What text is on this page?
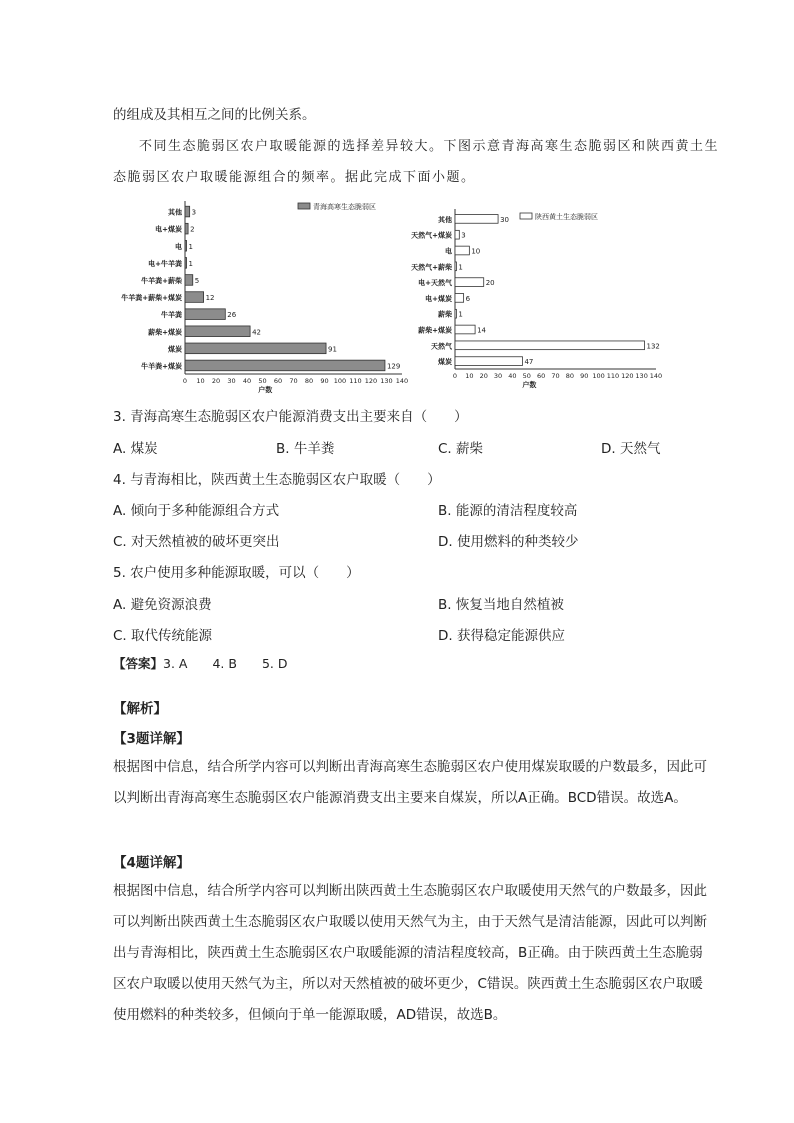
的组成及其相互之间的比例关系。
不同生态脆弱区农户取暖能源的选择差异较大。下图示意青海高寒生态脆弱区和陕西黄土生
态脆弱区农户取暖能源组合的频率。据此完成下面小题。
其他 3
电+煤炭 2
电 1
电+牛羊粪 1
牛羊粪+薪柴 5
牛羊粪+薪柴+煤炭	12
牛羊粪	26
薪柴+煤炭	42
煤炭	91
牛羊粪+煤炭	129
0 10 20 30 40 50 60 70 80 90 100 110 120 130 140
户数
青海高寒生态脆弱区
其他	30
天然气+煤炭 3
电	10
天然气+薪柴 1
电+天然气	20
电+煤炭 6
薪柴 1
薪柴+煤炭	14
天然气	132
煤炭	47
0 10 20 30 40 50 60 70 80 90 100 110 120 130 140
户数
陕西黄土生态脆弱区
3. 青海高寒生态脆弱区农户能源消费支出主要来自（　　）
A. 煤炭	B. 牛羊粪	C. 薪柴	D. 天然气
4. 与青海相比，陕西黄土生态脆弱区农户取暖（　　）
A. 倾向于多种能源组合方式	B. 能源的清洁程度较高
C. 对天然植被的破坏更突出	D. 使用燃料的种类较少
5. 农户使用多种能源取暖，可以（　　）
A. 避免资源浪费	B. 恢复当地自然植被
C. 取代传统能源	D. 获得稳定能源供应
【答案】3. A　　4. B　　5. D
【解析】
【3题详解】
根据图中信息，结合所学内容可以判断出青海高寒生态脆弱区农户使用煤炭取暖的户数最多，因此可以判断出青海高寒生态脆弱区农户能源消费支出主要来自煤炭，所以A正确。BCD错误。故选A。
【4题详解】
根据图中信息，结合所学内容可以判断出陕西黄土生态脆弱区农户取暖使用天然气的户数最多，因此可以判断出陕西黄土生态脆弱区农户取暖以使用天然气为主，由于天然气是清洁能源，因此可以判断出与青海相比，陕西黄土生态脆弱区农户取暖能源的清洁程度较高，B正确。由于陕西黄土生态脆弱区农户取暖以使用天然气为主，所以对天然植被的破坏更少，C错误。陕西黄土生态脆弱区农户取暖使用燃料的种类较多，但倾向于单一能源取暖，AD错误，故选B。
